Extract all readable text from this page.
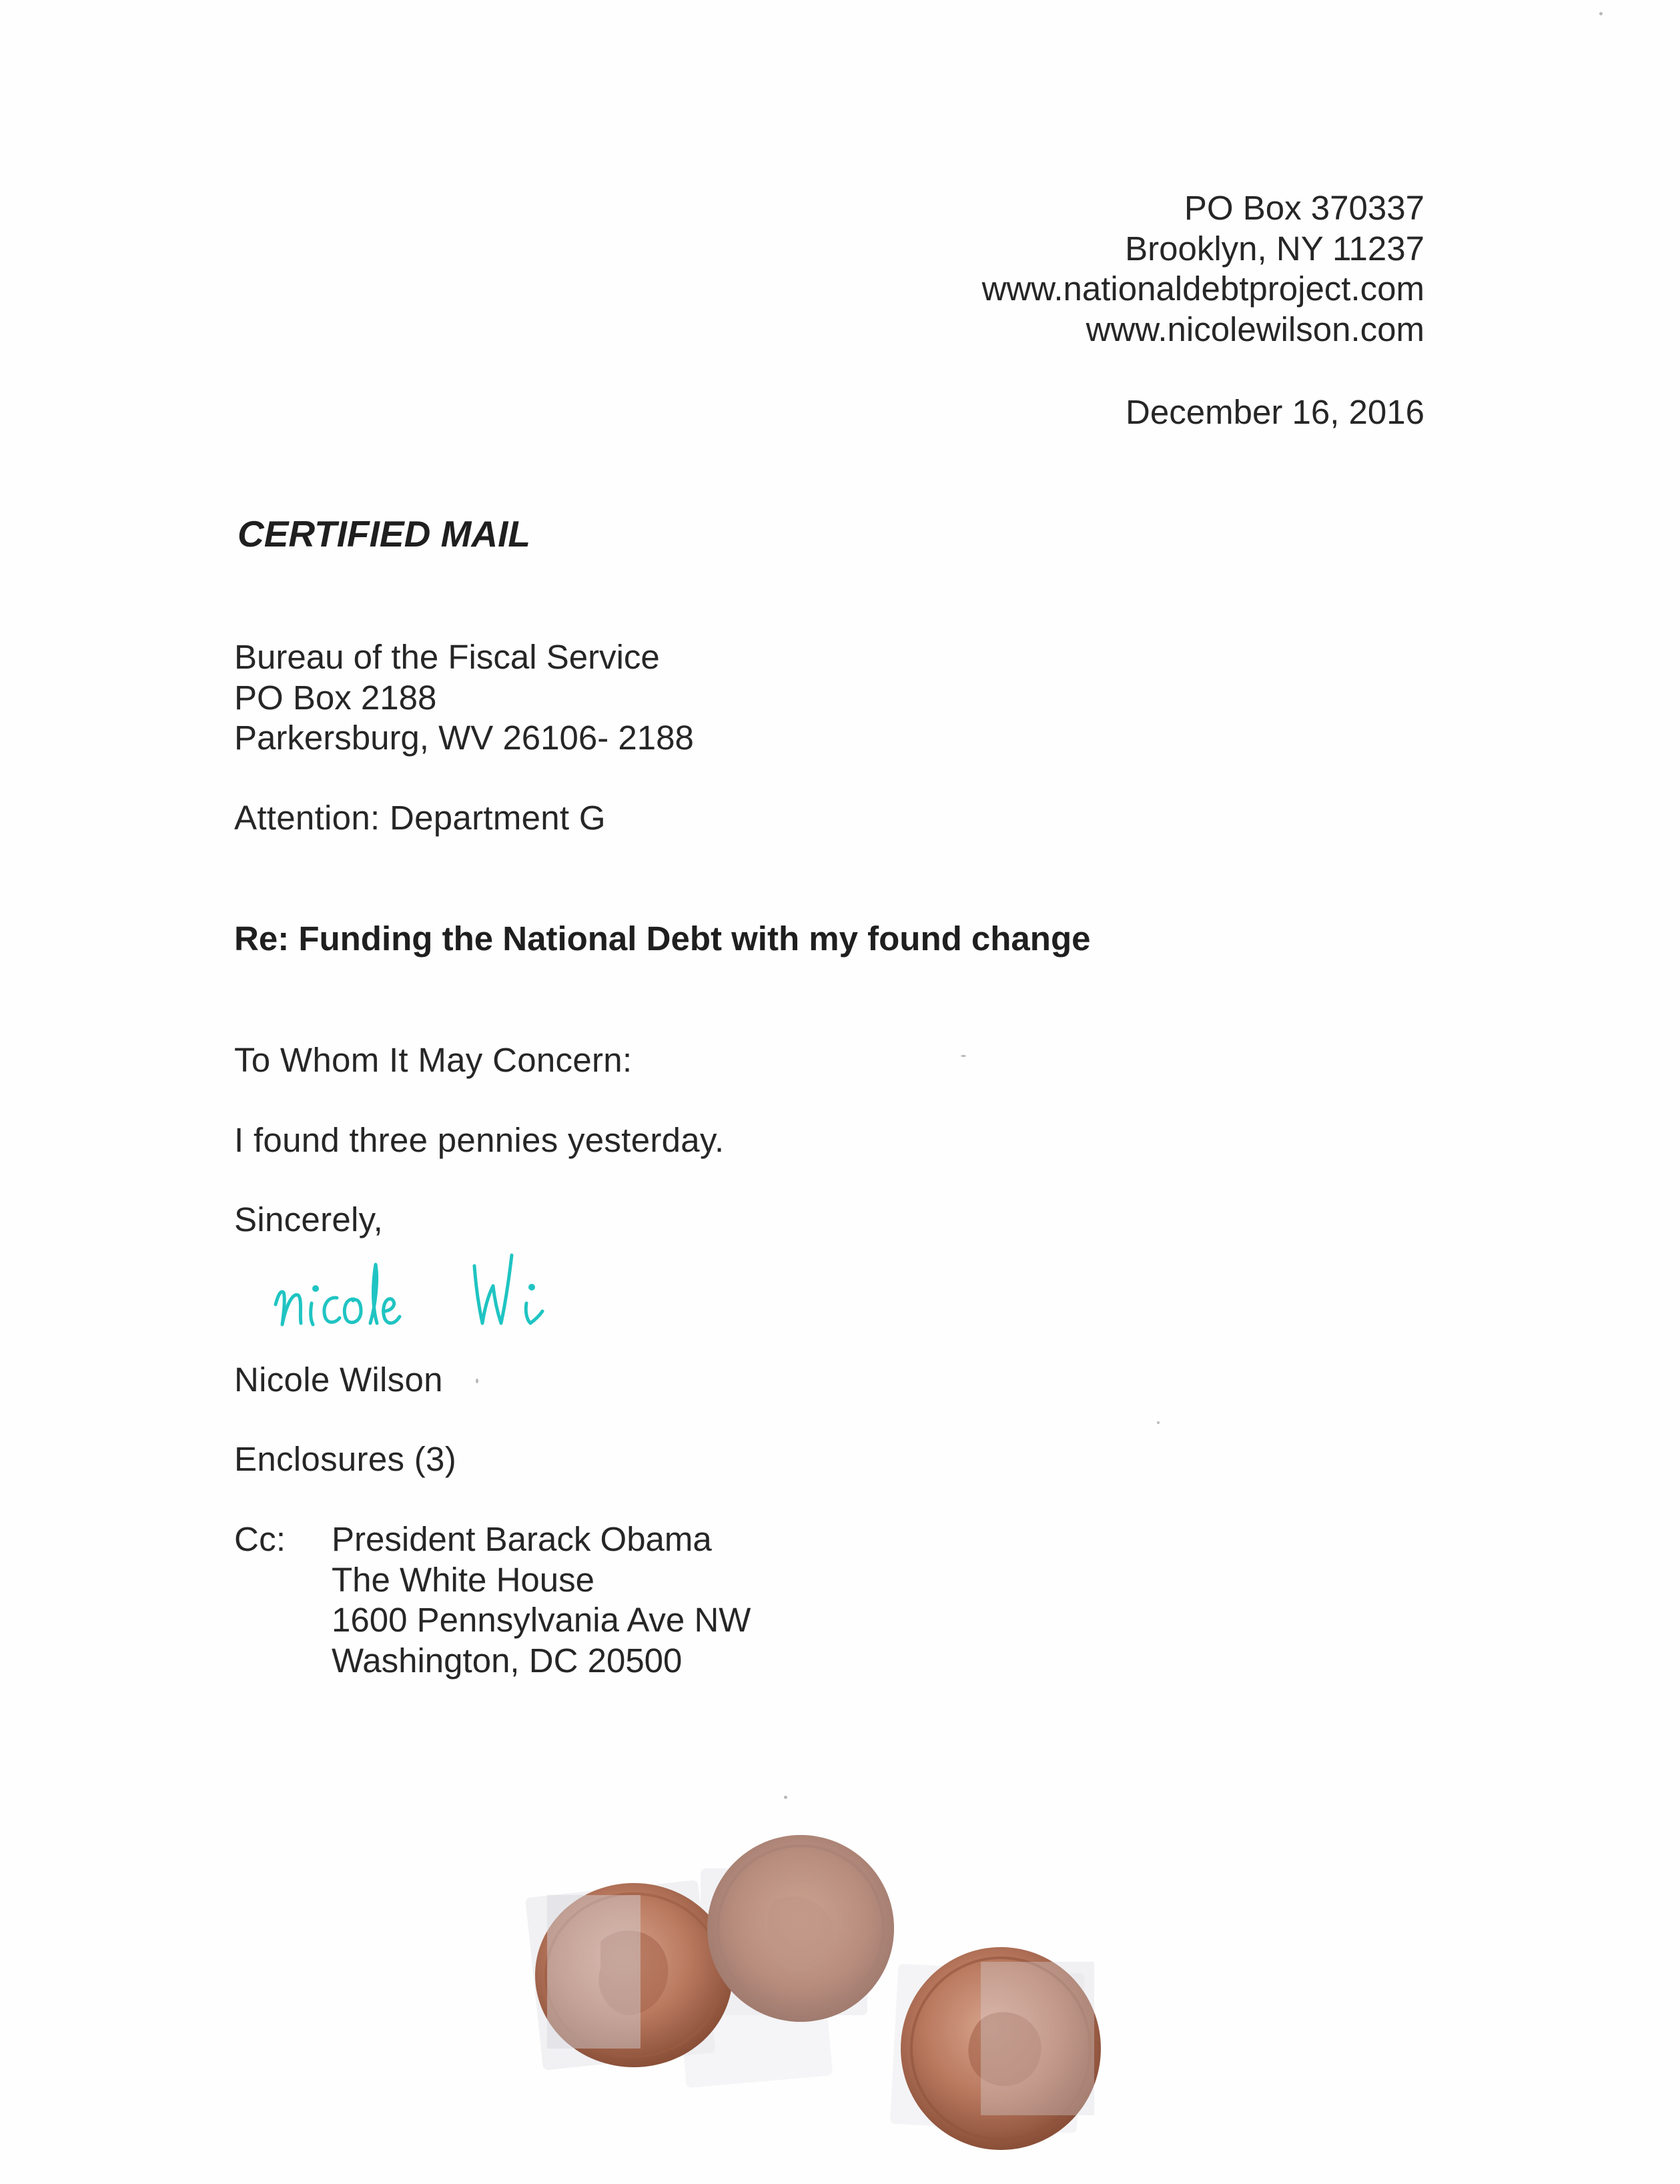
PO Box 370337
Brooklyn, NY 11237
www.nationaldebtproject.com
www.nicolewilson.com
December 16, 2016
CERTIFIED MAIL
Bureau of the Fiscal Service
PO Box 2188
Parkersburg, WV 26106- 2188
Attention: Department G
Re: Funding the National Debt with my found change
To Whom It May Concern:
I found three pennies yesterday.
Sincerely,
Nicole Wilson
Enclosures (3)
Cc: President Barack Obama
The White House
1600 Pennsylvania Ave NW
Washington, DC 20500
